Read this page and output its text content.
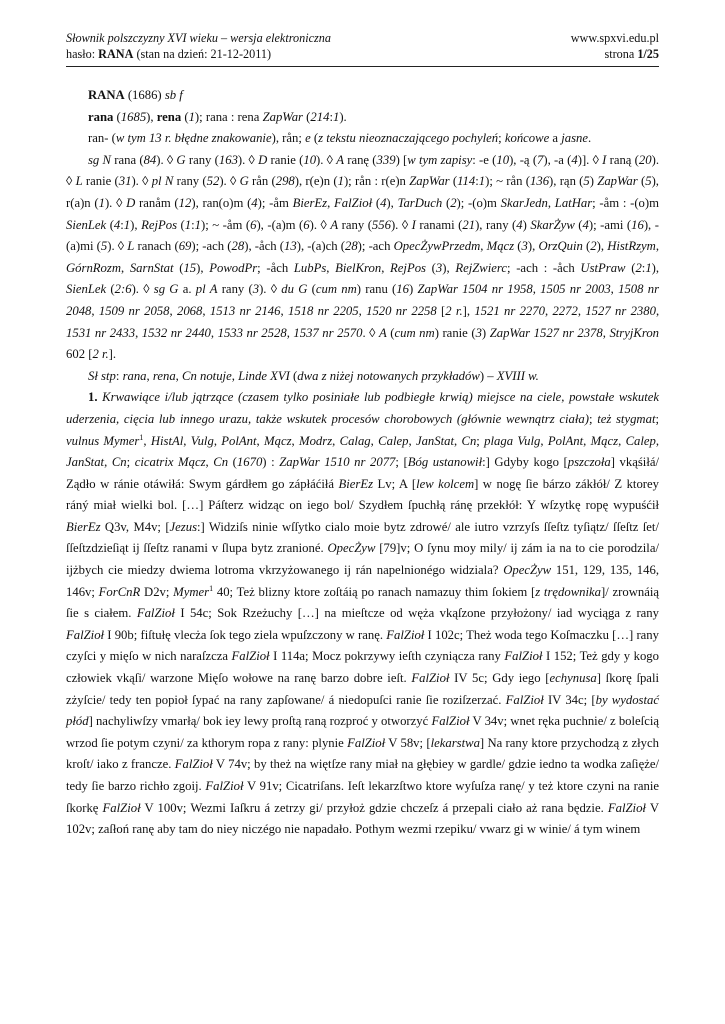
Słownik polszczyzny XVI wieku – wersja elektroniczna	www.spxvi.edu.pl
hasło: RANA (stan na dzień: 21-12-2011)	strona 1/25

RANA (1686) sb f

rana (1685), rena (1); rana : rena ZapWar (214:1).

ran- (w tym 13 r. błędne znakowanie), rån; e (z tekstu nieoznaczającego pochyleń; końcowe a jasne.

sg N rana (84). ◊ G rany (163). ◊ D ranie (10). ◊ A ranę (339) [w tym zapisy: -e (10), -ą (7), -a (4)]. ◊ I raną (20). ◊ L ranie (31). ◊ pl N rany (52). ◊ G rån (298), r(e)n (1); rån : r(e)n ZapWar (114:1); ~ rån (136), rąn (5) ZapWar (5), r(a)n (1). ◊ D ranåm (12), ran(o)m (4); -åm BierEz, FalZioł (4), TarDuch (2); -(o)m SkarJedn, LatHar; -åm : -(o)m SienLek (4:1), RejPos (1:1); ~ -åm (6), -(a)m (6). ◊ A rany (556). ◊ I ranami (21), rany (4) SkarŻyw (4); -ami (16), -(a)mi (5). ◊ L ranach (69); -ach (28), -åch (13), -(a)ch (28); -ach OpecŻywPrzedm, Mącz (3), OrzQuin (2), HistRzym, GórnRozm, SarnStat (15), PowodPr; -åch LubPs, BielKron, RejPos (3), RejZwierc; -ach : -åch UstPraw (2:1), SienLek (2:6). ◊ sg G a. pl A rany (3). ◊ du G (cum nm) ranu (16) ZapWar 1504 nr 1958, 1505 nr 2003, 1508 nr 2048, 1509 nr 2058, 2068, 1513 nr 2146, 1518 nr 2205, 1520 nr 2258 [2 r.], 1521 nr 2270, 2272, 1527 nr 2380, 1531 nr 2433, 1532 nr 2440, 1533 nr 2528, 1537 nr 2570. ◊ A (cum nm) ranie (3) ZapWar 1527 nr 2378, StryjKron 602 [2 r.].

Sł stp: rana, rena, Cn notuje, Linde XVI (dwa z niżej notowanych przykładów) – XVIII w.

1. Krwawiące i/lub jątrzące (czasem tylko posiniałe lub podbiegłe krwią) miejsce na ciele, powstałe wskutek uderzenia, cięcia lub innego urazu, także wskutek procesów chorobowych (głównie wewnątrz ciała); też stygmat; vulnus Mymer$^1$, HistAl, Vulg, PolAnt, Mącz, Modrz, Calag, Calep, JanStat, Cn; plaga Vulg, PolAnt, Mącz, Calep, JanStat, Cn; cicatrix Mącz, Cn (1670) : ZapWar 1510 nr 2077; [Bóg ustanowił:] Gdyby kogo [pszczoła] vkąśiłá/ Ządło w ránie otáwiłá: Swym gárdłem go zápłáćiłá BierEz Lv; A [lew kolcem] w nogę ſie bárzo zákłół/ Z ktorey ráný miał wielki bol. […] Páſterz widząc on iego bol/ Szydłem ſpuchłą ránę przekłół: Y wſzytkę ropę wypuśćił BierEz Q3v, M4v; [Jezus:] Widziſs ninie wſſytko cialo moie bytz zdrowé/ ale iutro vzrzyſs ſſeſtz tyſiątz/ ſſeſtz ſet/ ſſeſtzdzieſiąt ij ſſeſtz ranami v ſlupa bytz zranioné. OpecŻyw [79]v; O ſynu moy mily/ ij zám ia na to cie porodzila/ ijżbych cie miedzy dwiema lotroma vkrzyżowanego ij rán napelnionégo widziala? OpecŻyw 151, 129, 135, 146, 146v; ForCnR D2v; Mymer$^1$ 40; Też blizny ktore zoſtáią po ranach namazuy thim ſokiem [z trędownika]/ zrownáią ſie s ciałem. FalZioł I 54c; Sok Rzeżuchy […] na mieſtcze od węża vkąſzone przyłożony/ iad wyciąga z rany FalZioł I 90b; fiſtułę vlecża ſok tego ziela wpuſzczony w ranę. FalZioł I 102c; Theż woda tego Koſmaczku […] rany czyſci y mięſo w nich naraſzcza FalZioł I 114a; Mocz pokrzywy ieſth czyniącza rany FalZioł I 152; Też gdy y kogo człowiek vkąſi/ warzone Mięſo wołowe na ranę barzo dobre ieſt. FalZioł IV 5c; Gdy iego [echynusa] ſkorę ſpali zżyſcie/ tedy ten popioł ſypać na rany zapſowane/ á niedopuſci ranie ſie roziſzerzać. FalZioł IV 34c; [by wydostać płód] nachyliwſzy vmarłą/ bok iey lewy proſtą raną rozproć y otworzyć FalZioł V 34v; wnet ręka puchnie/ z boleſcią wrzod ſie potym czyni/ za kthorym ropa z rany: plynie FalZioł V 58v; [lekarstwa] Na rany ktore przychodzą z złych kroſt/ iako z francze. FalZioł V 74v; by theż na więtſze rany miał na głębiey w gardle/ gdzie iedno ta wodka zaſięże/ tedy ſie barzo richło zgoij. FalZioł V 91v; Cicatriſans. Ieſt lekarzſtwo ktore wyſuſza ranę/ y też ktore czyni na ranie ſkorkę FalZioł V 100v; Wezmi Iaſkru á zetrzy gi/ przyłoż gdzie chczeſz á przepali ciało aż rana będzie. FalZioł V 102v; zaſłoń ranę aby tam do niey niczégo nie napadało. Pothym wezmi rzepiku/ vwarz gi w winie/ á tym winem
